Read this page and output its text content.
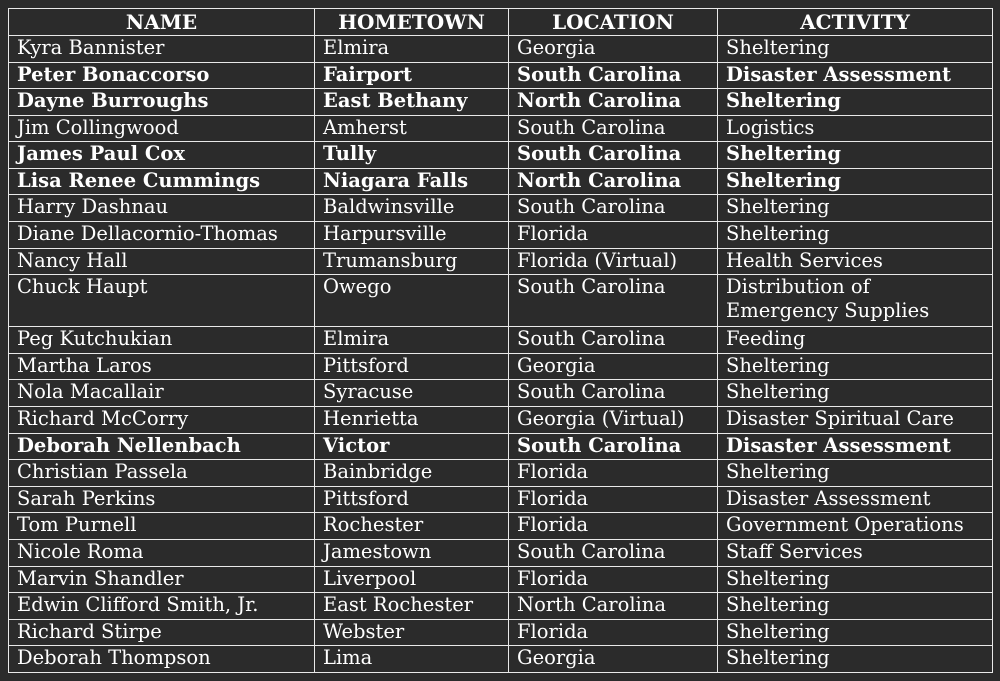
NAME	HOMETOWN	LOCATION	ACTIVITY
Kyra Bannister	Elmira	Georgia	Sheltering
Peter Bonaccorso	Fairport	South Carolina	Disaster Assessment
Dayne Burroughs	East Bethany	North Carolina	Sheltering
Jim Collingwood	Amherst	South Carolina	Logistics
James Paul Cox	Tully	South Carolina	Sheltering
Lisa Renee Cummings	Niagara Falls	North Carolina	Sheltering
Harry Dashnau	Baldwinsville	South Carolina	Sheltering
Diane Dellacornio-Thomas	Harpursville	Florida	Sheltering
Nancy Hall	Trumansburg	Florida (Virtual)	Health Services
Chuck Haupt	Owego	South Carolina	Distribution of Emergency Supplies
Peg Kutchukian	Elmira	South Carolina	Feeding
Martha Laros	Pittsford	Georgia	Sheltering
Nola Macallair	Syracuse	South Carolina	Sheltering
Richard McCorry	Henrietta	Georgia (Virtual)	Disaster Spiritual Care
Deborah Nellenbach	Victor	South Carolina	Disaster Assessment
Christian Passela	Bainbridge	Florida	Sheltering
Sarah Perkins	Pittsford	Florida	Disaster Assessment
Tom Purnell	Rochester	Florida	Government Operations
Nicole Roma	Jamestown	South Carolina	Staff Services
Marvin Shandler	Liverpool	Florida	Sheltering
Edwin Clifford Smith, Jr.	East Rochester	North Carolina	Sheltering
Richard Stirpe	Webster	Florida	Sheltering
Deborah Thompson	Lima	Georgia	Sheltering
